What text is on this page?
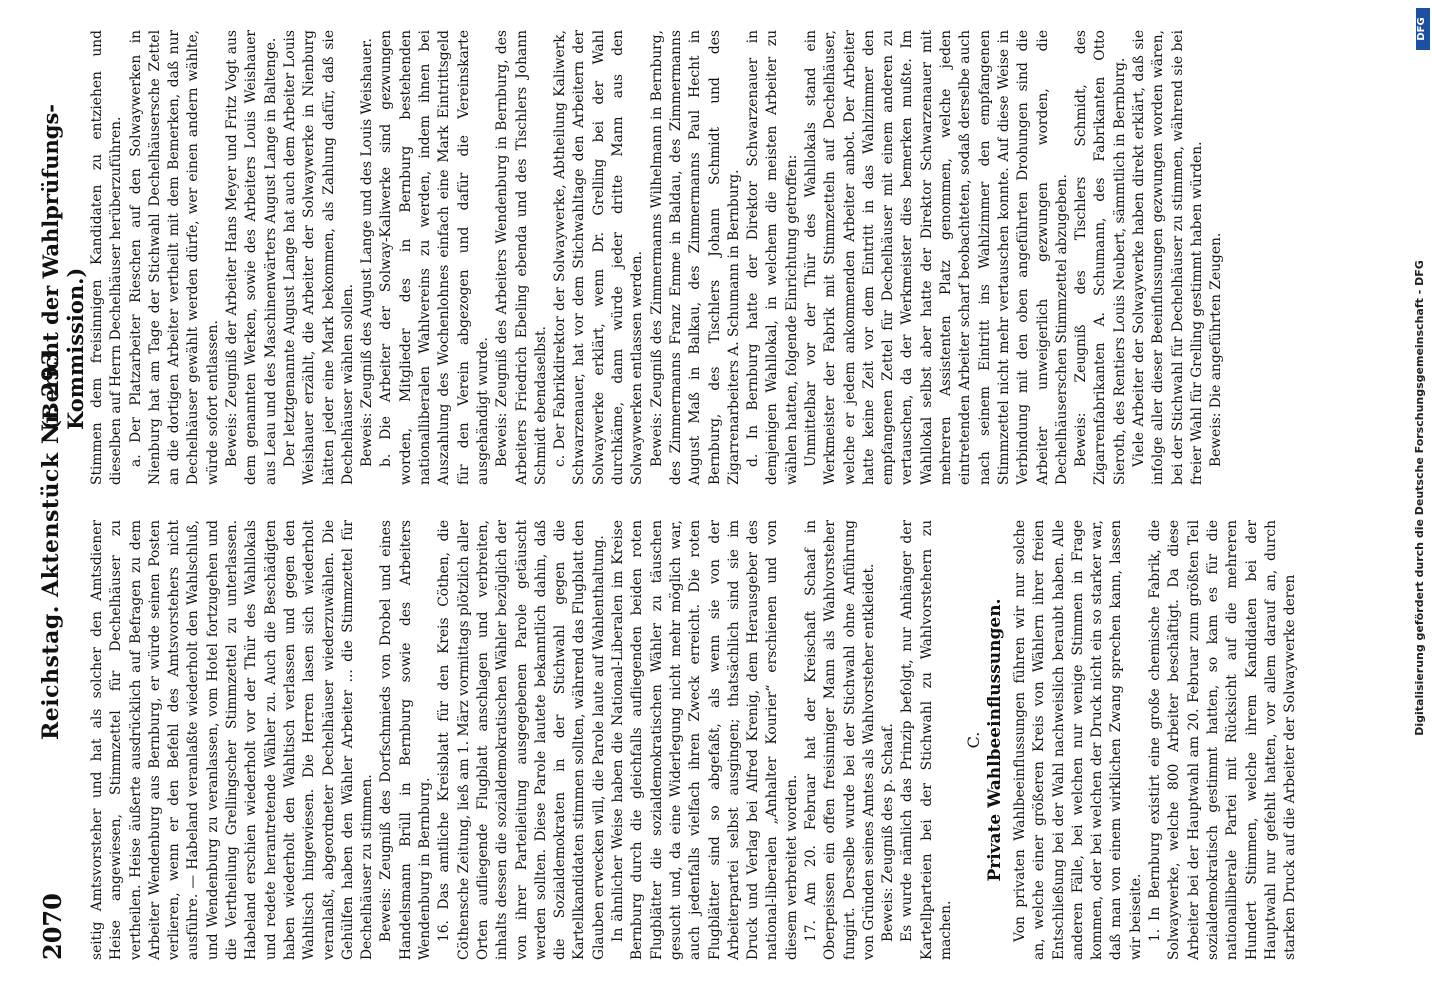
2070
Reichstag. Aktenstück Nr. 293.
(Bericht der Wahlprüfungs-Kommission.)

seitig Amtsvorsteher und hat als solcher den Amtsdiener Heise angewiesen, Stimmzettel für Dechelhäuser zu vertheilen. Heise äußerte ausdrücklich auf Befragen zu dem Arbeiter Wendenburg aus Bernburg, er würde seinen Posten verlieren, wenn er den Befehl des Amtsvorstehers nicht ausführe. — Habeland veranlaßte wiederholt den Wahlschluß, und Wendenburg zu veranlassen, vom Hotel fortzugehen und die Vertheilung Grellingscher Stimmzettel zu unterlassen. Habeland erschien wiederholt vor der Thür des Wahllokals und redete herantretende Wähler zu. Auch die Beschädigten haben wiederholt den Wahltisch verlassen und gegen den Wahltisch hingewiesen. Die Herren lasen sich wiederholt veranlaßt, abgeordneter Dechelhäuser wiederzuwählen. Die Gehülfen haben den Wähler Arbeiter ... die Stimmzettel für Dechelhäuser zu stimmen. Beweis: Zeugniß des Dorfschmieds von Drobel und eines Handelsmann Brüll in Bernburg sowie des Arbeiters Wendenburg in Bernburg. 16. Das amtliche Kreisblatt für den Kreis Cöthen, die Cöthensche Zeitung, ließ am 1. März vormittags plötzlich aller Orten aufliegende Flugblatt anschlagen und verbreiten, inhalts dessen die sozialdemokratischen Wähler bezüglich der von ihrer Parteileitung ausgegebenen Parole getäuscht werden sollten. Diese Parole lautete bekanntlich dahin, daß die Sozialdemokraten in der Stichwahl gegen die Kartellkandidaten stimmen sollten, während das Flugblatt den Glauben erwecken will, die Parole laute auf Wahlenthaltung. In ähnlicher Weise haben die National-Liberalen im Kreise Bernburg durch die gleichfalls aufliegenden beiden roten Flugblätter die sozialdemokratischen Wähler zu täuschen gesucht und, da eine Widerlegung nicht mehr möglich war, auch jedenfalls vielfach ihren Zweck erreicht. Die roten Flugblätter sind so abgefaßt, als wenn sie von der Arbeiterpartei selbst ausgingen; thatsächlich sind sie im Druck und Verlag bei Alfred Krenig, dem Herausgeber des national-liberalen „Anhalter Kourier“ erschienen und von diesem verbreitet worden. 17. Am 20. Februar hat der Kreischaft Schaaf in Oberpeissen ein offen freisinniger Mann als Wahlvorsteher fungirt. Derselbe wurde bei der Stichwahl ohne Anführung von Gründen seines Amtes als Wahlvorsteher entkleidet. Beweis: Zeugniß des p. Schaaf. Es wurde nämlich das Prinzip befolgt, nur Anhänger der Kartellparteien bei der Stichwahl zu Wahlvorstehern zu machen.

C. Private Wahlbeeinflussungen. Von privaten Wahlbeeinflussungen führen wir nur solche an, welche einer größeren Kreis von Wählern ihrer freien Entschließung bei der Wahl nachweislich beraubt haben. Alle anderen Fälle, bei welchen nur wenige Stimmen in Frage kommen, oder bei welchen der Druck nicht ein so starker war, daß man von einem wirklichen Zwang sprechen kann, lassen wir beiseite. 1. In Bernburg existirt eine große chemische Fabrik, die Solwaywerke, welche 800 Arbeiter beschäftigt. Da diese Arbeiter bei der Hauptwahl am 20. Februar zum größten Teil sozialdemokratisch gestimmt hatten, so kam es für die nationalliberale Partei mit Rücksicht auf die mehreren Hundert Stimmen, welche ihrem Kandidaten bei der Hauptwahl nur gefehlt hatten, vor allem darauf an, durch starken Druck auf die Arbeiter der Solwaywerke deren

Stimmen dem freisinnigen Kandidaten zu entziehen und dieselben auf Herrn Dechelhäuser herüberzuführen. a. Der Platzarbeiter Rieschen auf den Solwaywerken in Nienburg hat am Tage der Stichwahl Dechelhäusersche Zettel an die dortigen Arbeiter vertheilt mit dem Bemerken, daß nur Dechelhäuser gewählt werden dürfe, wer einen andern wählte, würde sofort entlassen. Beweis: Zeugniß der Arbeiter Hans Meyer und Fritz Vogt aus dem genannten Werken, sowie des Arbeiters Louis Weishauer aus Leau und des Maschinenwärters August Lange in Baltenge. Der letztgenannte August Lange hat auch dem Arbeiter Louis Weishauer erzählt, die Arbeiter der Solwaywerke in Nienburg hätten jeder eine Mark bekommen, als Zahlung dafür, daß sie Dechelhäuser wählen sollen. Beweis: Zeugniß des August Lange und des Louis Weishauer. b. Die Arbeiter der Solway-Kaliwerke sind gezwungen worden, Mitglieder des in Bernburg bestehenden nationalliberalen Wahlvereins zu werden, indem ihnen bei Auszahlung des Wochenlohnes einfach eine Mark Eintrittsgeld für den Verein abgezogen und dafür die Vereinskarte ausgehändigt wurde. Beweis: Zeugniß des Arbeiters Wendenburg in Bernburg, des Arbeiters Friedrich Ebeling ebenda und des Tischlers Johann Schmidt ebendaselbst. c. Der Fabrikdirektor der Solwaywerke, Abtheilung Kaliwerk, Schwarzenauer, hat vor dem Stichwahltage den Arbeitern der Solwaywerke erklärt, wenn Dr. Grelling bei der Wahl durchkäme, dann würde jeder dritte Mann aus den Solwaywerken entlassen werden. Beweis: Zeugniß des Zimmermanns Wilhelmann in Bernburg, des Zimmermanns Franz Emme in Baldau, des Zimmermanns August Maß in Balkau, des Zimmermanns Paul Hecht in Bernburg, des Tischlers Johann Schmidt und des Zigarrenarbeiters A. Schumann in Bernburg. d. In Bernburg hatte der Direktor Schwarzenauer in demjenigen Wahllokal, in welchem die meisten Arbeiter zu wählen hatten, folgende Einrichtung getroffen: Unmittelbar vor der Thür des Wahllokals stand ein Werkmeister der Fabrik mit Stimmzetteln auf Dechelhäuser, welche er jedem ankommenden Arbeiter anbot. Der Arbeiter hatte keine Zeit vor dem Eintritt in das Wahlzimmer den empfangenen Zettel für Dechelhäuser mit einem anderen zu vertauschen, da der Werkmeister dies bemerken mußte. Im Wahllokal selbst aber hatte der Direktor Schwarzenauer mit mehreren Assistenten Platz genommen, welche jeden eintretenden Arbeiter scharf beobachteten, sodaß derselbe auch nach seinem Eintritt ins Wahlzimmer den empfangenen Stimmzettel nicht mehr vertauschen konnte. Auf diese Weise in Verbindung mit den oben angeführten Drohungen sind die Arbeiter unweigerlich gezwungen worden, die Dechelhäuserschen Stimmzettel abzugeben. Beweis: Zeugniß des Tischlers Schmidt, des Zigarrenfabrikanten A. Schumann, des Fabrikanten Otto Sieroth, des Rentiers Louis Neubert, sämmtlich in Bernburg. Viele Arbeiter der Solwaywerke haben direkt erklärt, daß sie infolge aller dieser Beeinflussungen gezwungen worden wären, bei der Stichwahl für Dechelhäuser zu stimmen, während sie bei freier Wahl für Grelling gestimmt haben würden. Beweis: Die angeführten Zeugen.

DFG
Digitalisierung gefördert durch die Deutsche Forschungsgemeinschaft - DFG
